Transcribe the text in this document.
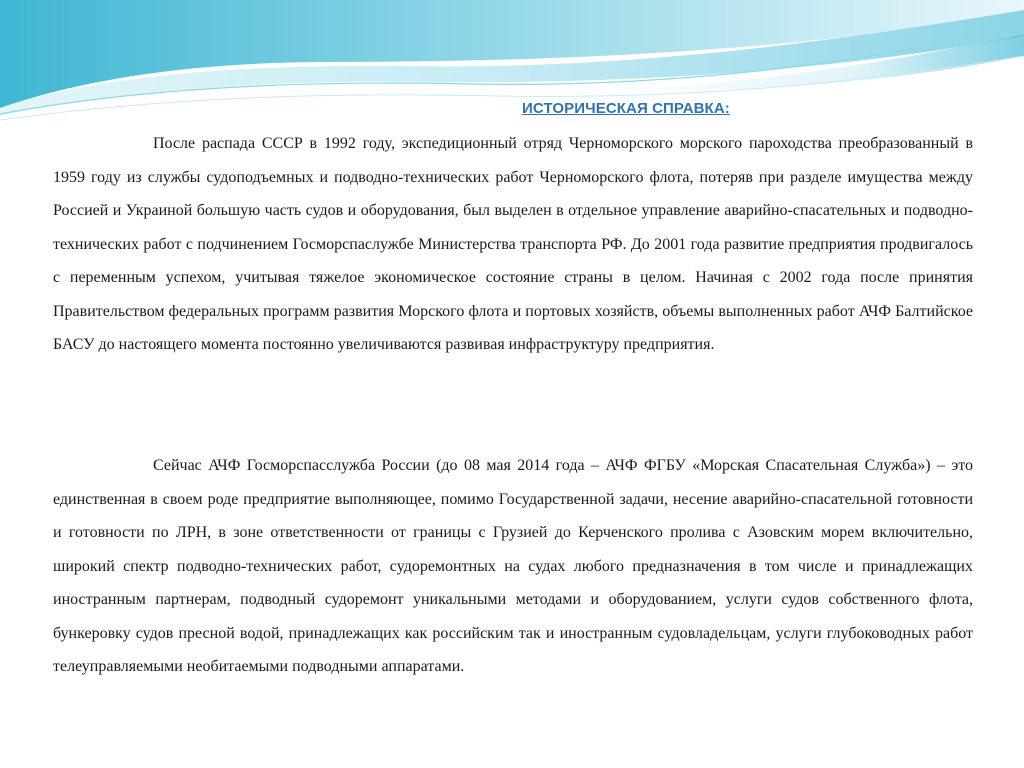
ИСТОРИЧЕСКАЯ СПРАВКА:

После распада СССР в 1992 году, экспедиционный отряд Черноморского морского пароходства преобразованный в 1959 году из службы судоподъемных и подводно-технических работ Черноморского флота, потеряв при разделе имущества между Россией и Украиной большую часть судов и оборудования, был выделен в отдельное управление аварийно-спасательных и подводно-технических работ с подчинением Госморспаслужбе Министерства транспорта РФ. До 2001 года развитие предприятия продвигалось с переменным успехом, учитывая тяжелое экономическое состояние страны в целом. Начиная с 2002 года после принятия Правительством федеральных программ развития Морского флота и портовых хозяйств, объемы выполненных работ АЧФ Балтийское БАСУ до настоящего момента постоянно увеличиваются развивая инфраструктуру предприятия.

Сейчас АЧФ Госморспасслужба России (до 08 мая 2014 года – АЧФ ФГБУ «Морская Спасательная Служба») – это единственная в своем роде предприятие выполняющее, помимо Государственной задачи, несение аварийно-спасательной готовности и готовности по ЛРН, в зоне ответственности от границы с Грузией до Керченского пролива с Азовским морем включительно, широкий спектр подводно-технических работ, судоремонтных на судах любого предназначения в том числе и принадлежащих иностранным партнерам, подводный судоремонт уникальными методами и оборудованием, услуги судов собственного флота, бункеровку судов пресной водой, принадлежащих как российским так и иностранным судовладельцам, услуги глубоководных работ телеуправляемыми необитаемыми подводными аппаратами.
